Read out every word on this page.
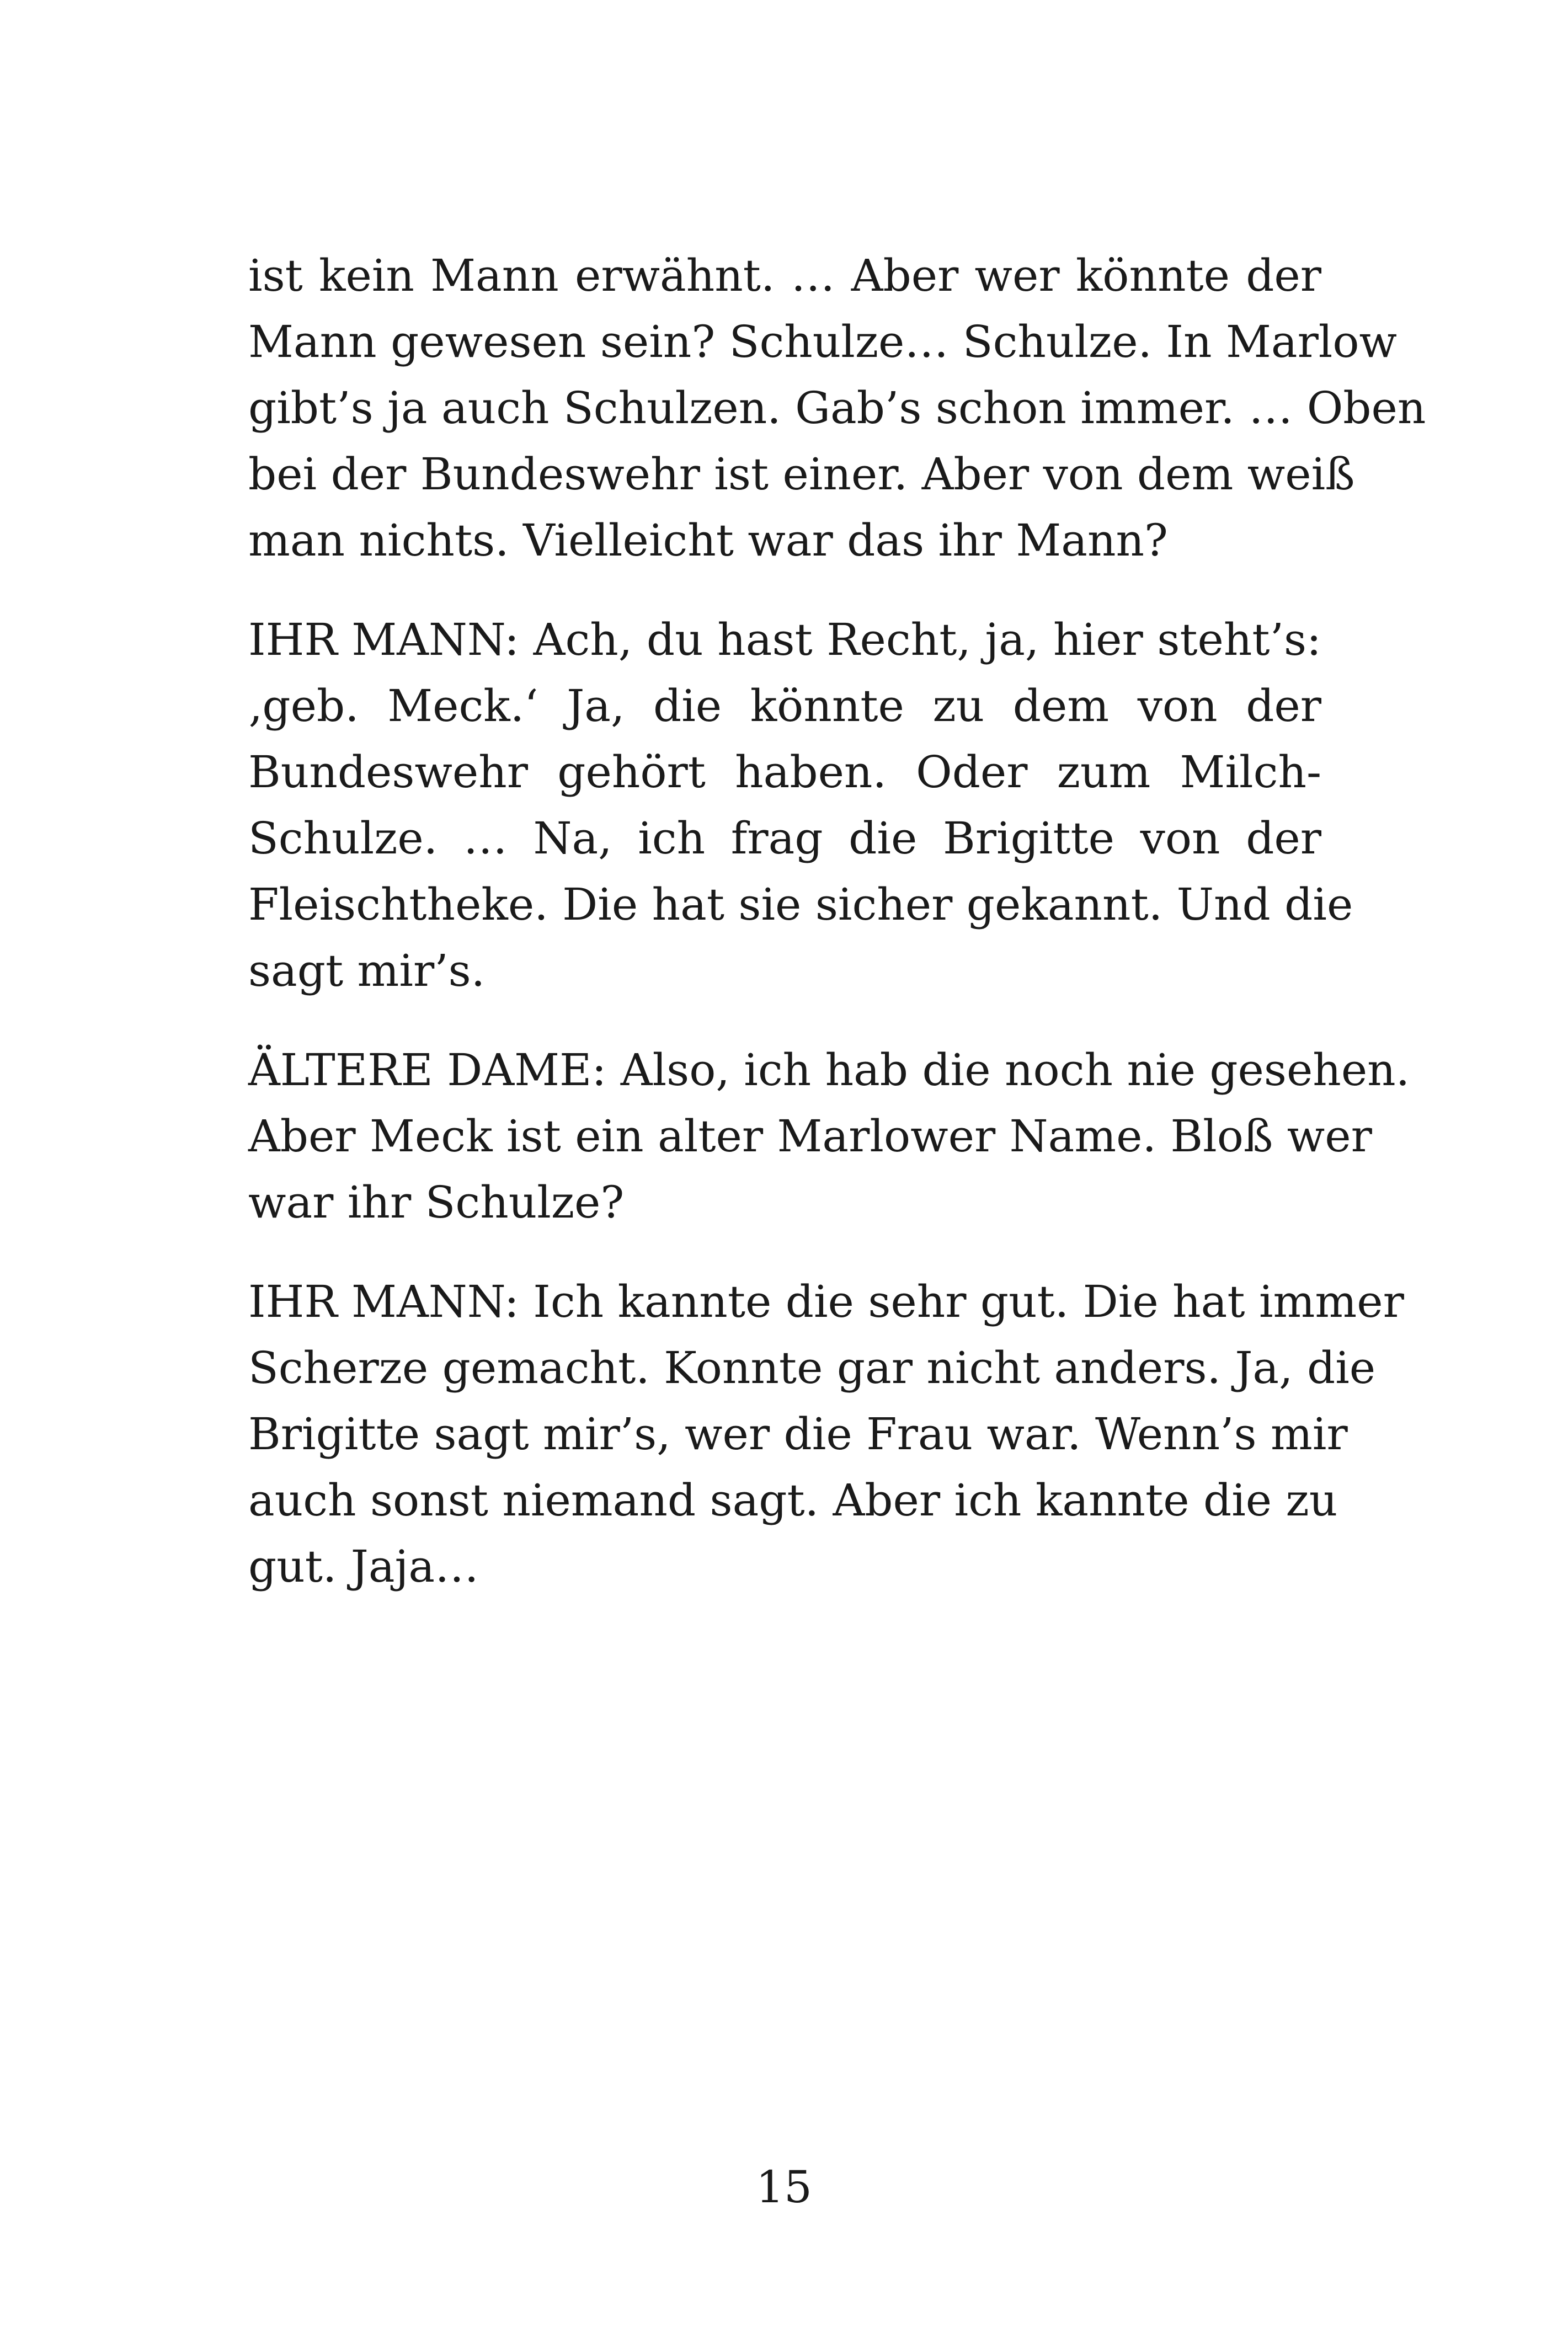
ist kein Mann erwähnt. … Aber wer könnte der
Mann gewesen sein? Schulze… Schulze. In Marlow
gibt’s ja auch Schulzen. Gab’s schon immer. … Oben
bei der Bundeswehr ist einer. Aber von dem weiß
man nichts. Vielleicht war das ihr Mann?
IHR MANN: Ach, du hast Recht, ja, hier steht’s:
‚geb. Meck.‘ Ja, die könnte zu dem von der
Bundeswehr gehört haben. Oder zum Milch-
Schulze. … Na, ich frag die Brigitte von der
Fleischtheke. Die hat sie sicher gekannt. Und die
sagt mir’s.
ÄLTERE DAME: Also, ich hab die noch nie gesehen.
Aber Meck ist ein alter Marlower Name. Bloß wer
war ihr Schulze?
IHR MANN: Ich kannte die sehr gut. Die hat immer
Scherze gemacht. Konnte gar nicht anders. Ja, die
Brigitte sagt mir’s, wer die Frau war. Wenn’s mir
auch sonst niemand sagt. Aber ich kannte die zu
gut. Jaja…
15
